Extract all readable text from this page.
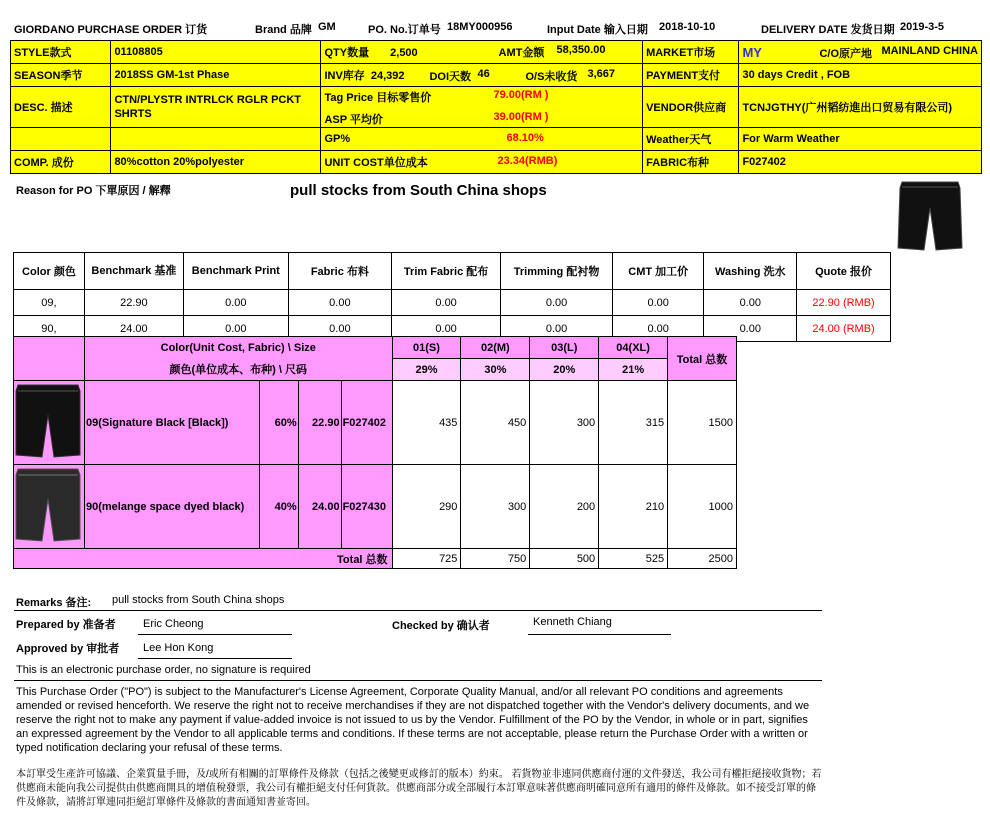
GIORDANO PURCHASE ORDER 订货	Brand 品牌 GM	PO. No.订单号 18MY000956	Input Date 输入日期 2018-10-10	DELIVERY DATE 发货日期 2019-3-5
STYLE款式	01108805	QTY数量 2,500 AMT金额 58,350.00	MARKET市场	MY C/O原产地 MAINLAND CHINA

SEASON季节	2018SS GM-1st Phase	INV库存 24,392 DOI天数 46 O/S未收货 3,667	PAYMENT支付	30 days Credit , FOB
DESC. 描述	CTN/PLYSTR INTRLCK RGLR PCKT SHRTS	Tag Price 目标零售价 79.00(RM )
ASP 平均价 39.00(RM )	VENDOR供应商	TCNJGTHY(广州韬纺進出口贸易有限公司)
		GP% 68.10%	Weather天气	For Warm Weather
COMP. 成份	80%cotton 20%polyester	UNIT COST单位成本 23.34(RMB)	FABRIC布种	F027402
Reason for PO 下單原因 / 解釋	pull stocks from South China shops
Color 颜色	Benchmark 基准	Benchmark Print	Fabric 布料	Trim Fabric 配布	Trimming 配衬物	CMT 加工价	Washing 洗水	Quote 报价
09,	22.90	0.00	0.00	0.00	0.00	0.00	0.00	22.90 (RMB)
90,	24.00	0.00	0.00	0.00	0.00	0.00	0.00	24.00 (RMB)
	Color(Unit Cost, Fabric) \ Size				01(S)	02(M)	03(L)	04(XL)	Total 总数
	颜色(单位成本、布种) \ 尺码				29%	30%	20%	21%	
	09(Signature Black [Black])	60%	22.90	F027402	435	450	300	315	1500
	90(melange space dyed black)	40%	24.00	F027430	290	300	200	210	1000
Total 总数					725	750	500	525	2500
Remarks 备注: pull stocks from South China shops
Prepared by 准备者 Eric Cheong	Checked by 确认者	Kenneth Chiang
Approved by 审批者 Lee Hon Kong
This is an electronic purchase order, no signature is required
This Purchase Order ("PO") is subject to the Manufacturer's License Agreement, Corporate Quality Manual, and/or all relevant PO conditions and agreements amended or revised henceforth. We reserve the right not to receive merchandises if they are not dispatched together with the Vendor's delivery documents, and we reserve the right not to make any payment if value-added invoice is not issued to us by the Vendor. Fulfillment of the PO by the Vendor, in whole or in part, signifies an expressed agreement by the Vendor to all applicable terms and conditions. If these terms are not acceptable, please return the Purchase Order with a written or typed notification declaring your refusal of these terms.
本訂單受生產許可協議、企業質量手冊，及/或所有相關的訂單條件及條款（包括之後變更或修訂的版本）約束。 若貨物並非連同供應商付運的文件發送，我公司有權拒絕接收貨物；若供應商未能向我公司提供由供應商開具的增值稅發票，我公司有權拒絕支付任何貨款。供應商部分或全部履行本訂單意味著供應商明確同意所有適用的條件及條款。如不接受訂單的條件及條款，請將訂單連同拒絕訂單條件及條款的書面通知書並寄回。
